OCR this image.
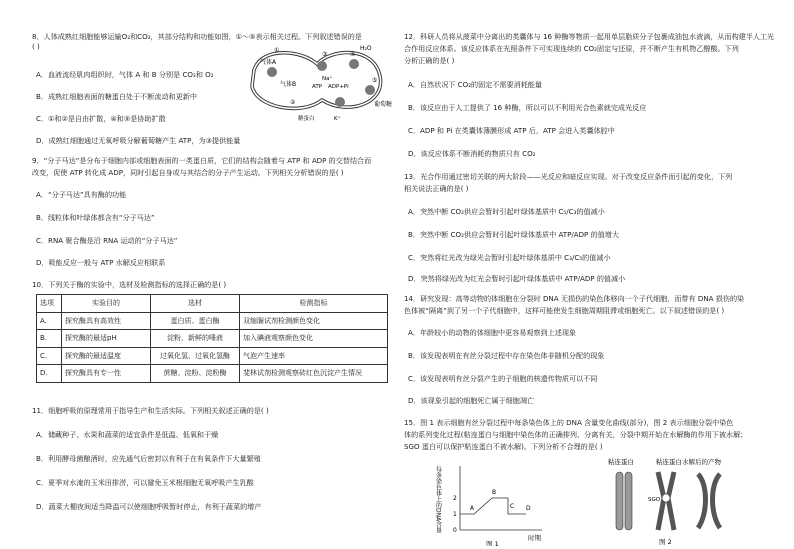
8．人体成熟红细胞能够运输O₂和CO₂，其部分结构和功能如图，①～⑤表示相关过程。下列叙述错误的是
( )
气体A
气体B
H₂O
葡萄糖
Na⁺
ADP+Pi
ATP
K⁺
糖蛋白
①
②
③	④
⑤
A．血液流经肌肉组织时，气体 A 和 B 分别是 CO₂和 O₂
B．成熟红细胞表面的糖蛋白处于不断流动和更新中
C．①和②是自由扩散，④和⑤是协助扩散
D．成熟红细胞通过无氧呼吸分解葡萄糖产生 ATP，为③提供能量
9．“分子马达”是分布于细胞内部或细胞表面的一类蛋白质，它们的结构会随着与 ATP 和 ADP 的交替结合而
改变，促使 ATP 转化成 ADP，同时引起自身或与其结合的分子产生运动。下列相关分析错误的是( )
A．“分子马达”具有酶的功能
B．线粒体和叶绿体都含有“分子马达”
C．RNA 聚合酶是沿 RNA 运动的“分子马达”
D．吸能反应一般与 ATP 水解反应相联系
10．下列关于酶的实验中，选材及检测指标的选择正确的是( )
选项	实验目的	选材	检测指标
A.	探究酶具有高效性	蛋白质、蛋白酶	双缩脲试剂检测颜色变化
B.	探究酶的最适pH	淀粉、新鲜的唾液	加入碘液观察颜色变化
C.	探究酶的最适温度	过氧化氢、过氧化氢酶	气泡产生速率
D.	探究酶具有专一性	蔗糖、淀粉、淀粉酶	斐林试剂检测观察砖红色沉淀产生情况
11．细胞呼吸的原理常用于指导生产和生活实际。下列相关叙述正确的是( )
A．储藏种子、水果和蔬菜的适宜条件是低温、低氧和干燥
B．利用酵母菌酿酒时，应先通气后密封以有利于在有氧条件下大量繁殖
C．夏季对水淹的玉米田排涝，可以避免玉米根细胞无氧呼吸产生乳酸
D．蔬菜大棚夜间适当降温可以使细胞呼吸暂时停止，有利于蔬菜的增产
12．科研人员将从菠菜中分离出的类囊体与 16 种酶等物质一起用单层脂质分子包裹成油包水液滴，从而构建半人工光
合作用反应体系。该反应体系在光照条件下可实现连续的 CO₂固定与还原，并不断产生有机物乙醇酸。下列
分析正确的是( )
A．自然状况下 CO₂的固定不需要消耗能量
B．该反应由于人工提供了 16 种酶，所以可以不利用光合色素就完成光反应
C．ADP 和 Pi 在类囊体薄膜形成 ATP 后，ATP 会进入类囊体腔中
D．该反应体系不断消耗的物质只有 CO₂
13．光合作用通过密切关联的两大阶段——光反应和暗反应实现。对于改变反应条件而引起的变化，下列
相关说法正确的是( )
A．突然中断 CO₂供应会暂时引起叶绿体基质中 C₅/C₃的值减小
B．突然中断 CO₂供应会暂时引起叶绿体基质中 ATP/ADP 的值增大
C．突然将红光改为绿光会暂时引起叶绿体基质中 C₃/C₅的值减小
D．突然将绿光改为红光会暂时引起叶绿体基质中 ATP/ADP 的值减小
14．研究发现：高等动物的体细胞在分裂时 DNA 无损伤的染色体移向一个子代细胞，而带有 DNA 损伤的染
色体被“隔离”到了另一个子代细胞中，这样可能使发生细胞周期阻滞或细胞死亡。以下叙述错误的是( )
A．年龄较小的动物的体细胞中更容易观察到上述现象
B．该发现表明在有丝分裂过程中存在染色体非随机分配的现象
C．该发现表明有丝分裂产生的子细胞的核遗传物质可以不同
D．该现象引起的细胞死亡属于细胞凋亡
15．图 1 表示细胞有丝分裂过程中每条染色体上的 DNA 含量变化曲线(部分)，图 2 表示细胞分裂中染色
体的系列变化过程(粘连蛋白与细胞中染色体的正确排列、分离有关，分裂中期开始在水解酶的作用下被水解；
SGO 蛋白可以保护粘连蛋白不被水解)。下列分析不合理的是( )
每条染色体上的DNA含量 2
1
0
A
B
C D
时期
图 1
粘连蛋白	粘连蛋白水解后的产物
SGO
图 2
